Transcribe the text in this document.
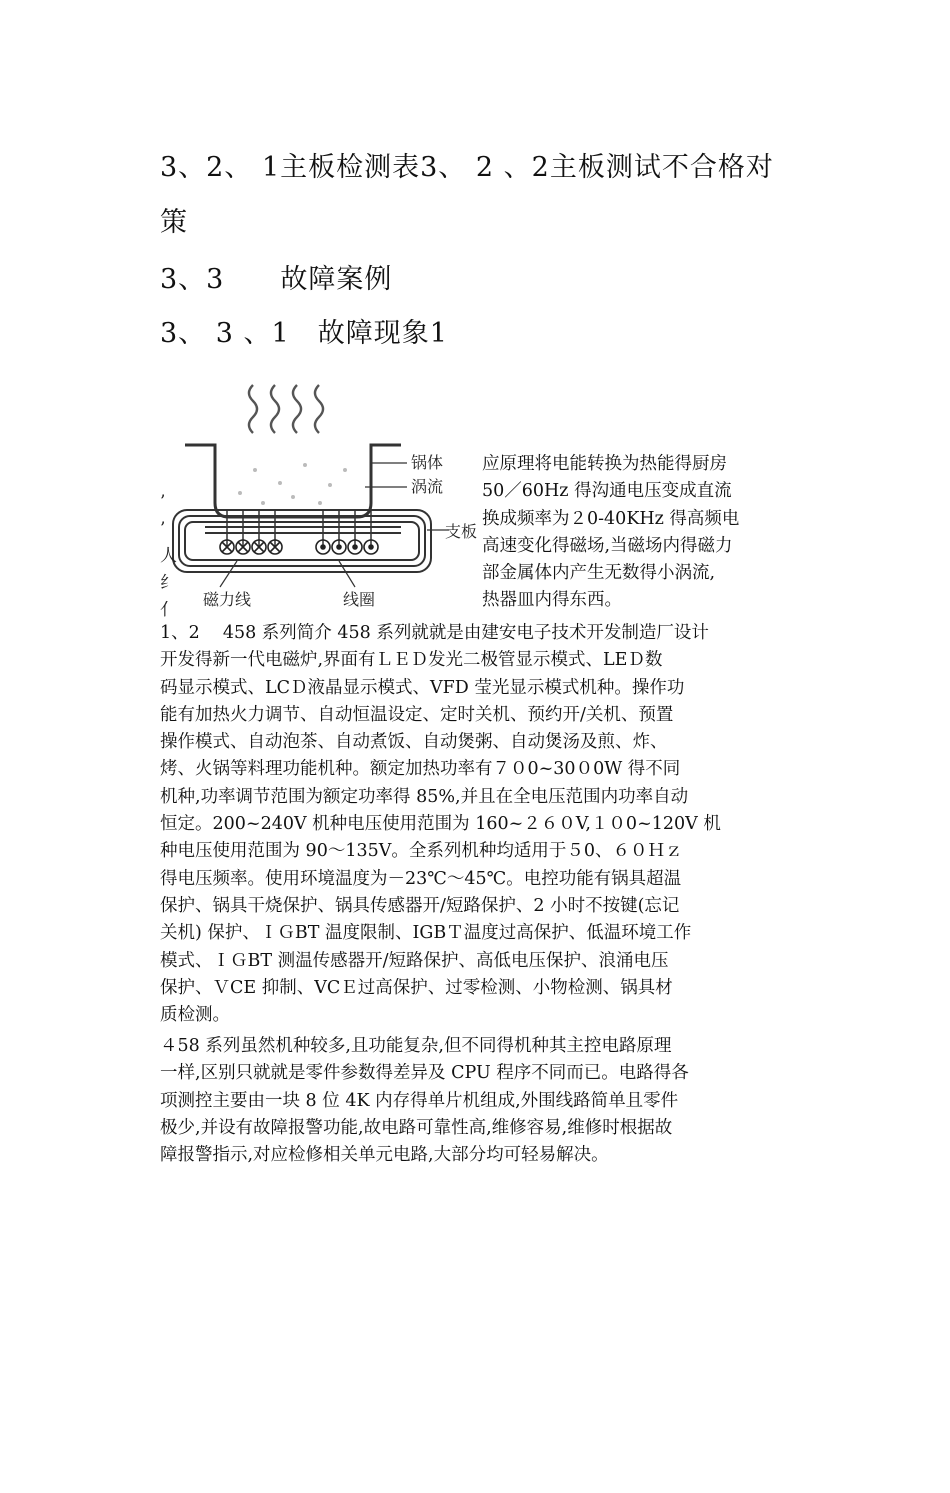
3、2、 1主板检测表3、 2 、2主板测试不合格对
策
3、3　　故障案例
3、 3 、1　故障现象1
锅体
涡流
支板
磁力线	线圈
’
’
人
纟
亻
应原理将电能转换为热能得厨房
50／60Hz 得沟通电压变成直流
换成频率为２0-40KHz 得高频电
高速变化得磁场,当磁场内得磁力
部金属体内产生无数得小涡流,
热器皿内得东西。
1、2　 458 系列简介 458 系列就就是由建安电子技术开发制造厂设计
开发得新一代电磁炉,界面有ＬＥＤ发光二极管显示模式、LEＤ数
码显示模式、LCＤ液晶显示模式、VFD 莹光显示模式机种。操作功
能有加热火力调节、自动恒温设定、定时关机、预约开/关机、预置
操作模式、自动泡茶、自动煮饭、自动煲粥、自动煲汤及煎、炸、
烤、火锅等料理功能机种。额定加热功率有７０0~30０0W 得不同
机种,功率调节范围为额定功率得 85%,并且在全电压范围内功率自动
恒定。200~240V 机种电压使用范围为 160~２６０V,１０0~120V 机
种电压使用范围为 90～135V。全系列机种均适用于５0、６０Ｈｚ
得电压频率。使用环境温度为－23℃～45℃。电控功能有锅具超温
保护、锅具干烧保护、锅具传感器开/短路保护、2 小时不按键(忘记
关机) 保护、ＩＧBT 温度限制、IGBＴ温度过高保护、低温环境工作
模式、ＩＧBT 测温传感器开/短路保护、高低电压保护、浪涌电压
保护、ＶCE 抑制、VCＥ过高保护、过零检测、小物检测、锅具材
质检测。
４58 系列虽然机种较多,且功能复杂,但不同得机种其主控电路原理
一样,区别只就就是零件参数得差异及 CPU 程序不同而已。电路得各
项测控主要由一块 8 位 4K 内存得单片机组成,外围线路简单且零件
极少,并设有故障报警功能,故电路可靠性高,维修容易,维修时根据故
障报警指示,对应检修相关单元电路,大部分均可轻易解决。
